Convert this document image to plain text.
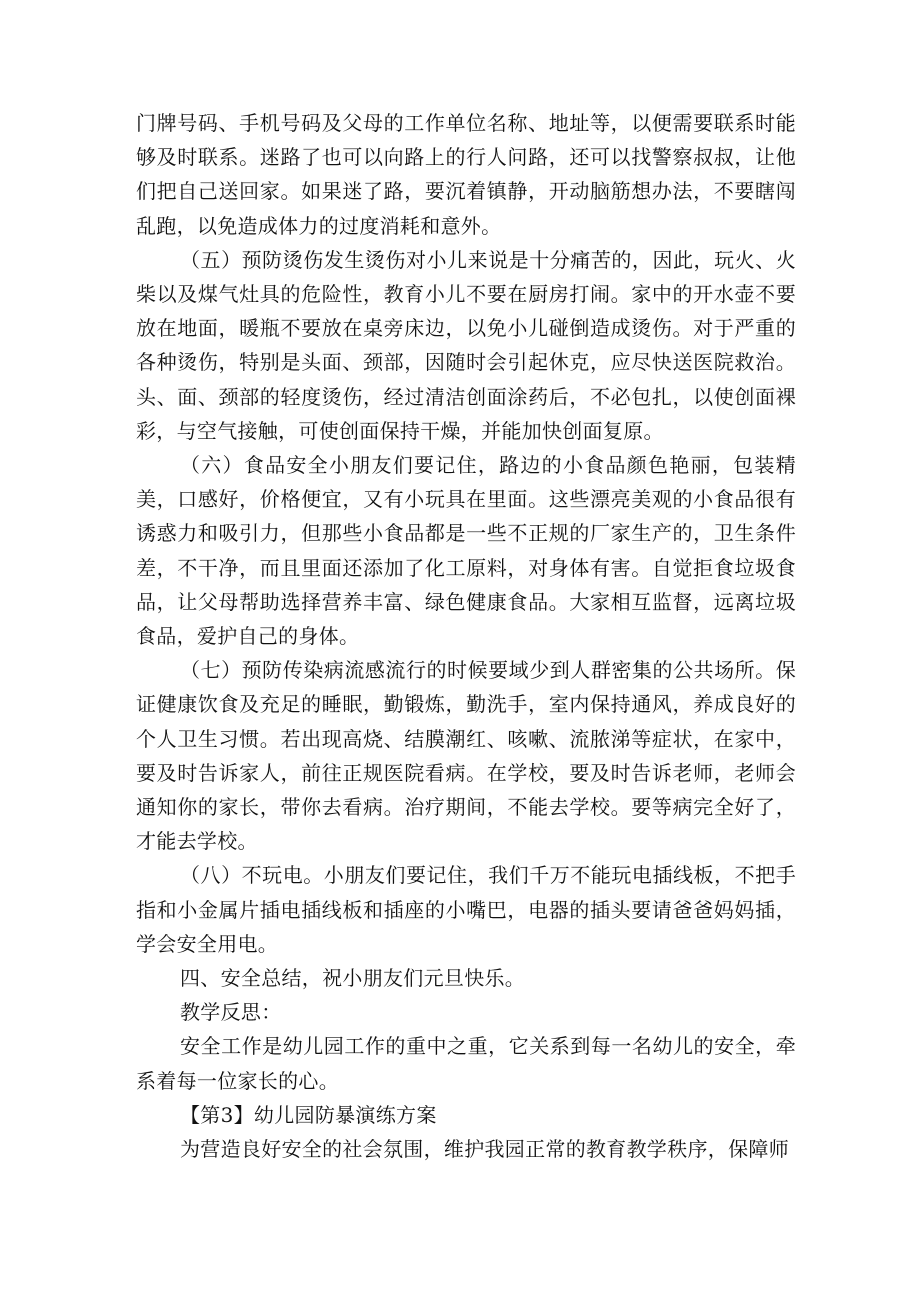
门牌号码、手机号码及父母的工作单位名称、地址等，以便需要联系时能够及时联系。迷路了也可以向路上的行人问路，还可以找警察叔叔，让他们把自己送回家。如果迷了路，要沉着镇静，开动脑筋想办法，不要瞎闯乱跑，以免造成体力的过度消耗和意外。

（五）预防烫伤发生烫伤对小儿来说是十分痛苦的，因此，玩火、火柴以及煤气灶具的危险性，教育小儿不要在厨房打闹。家中的开水壶不要放在地面，暖瓶不要放在桌旁床边，以免小儿碰倒造成烫伤。对于严重的各种烫伤，特别是头面、颈部，因随时会引起休克，应尽快送医院救治。头、面、颈部的轻度烫伤，经过清洁创面涂药后，不必包扎，以使创面裸彩，与空气接触，可使创面保持干燥，并能加快创面复原。

（六）食品安全小朋友们要记住，路边的小食品颜色艳丽，包装精美，口感好，价格便宜，又有小玩具在里面。这些漂亮美观的小食品很有诱惑力和吸引力，但那些小食品都是一些不正规的厂家生产的，卫生条件差，不干净，而且里面还添加了化工原料，对身体有害。自觉拒食垃圾食品，让父母帮助选择营养丰富、绿色健康食品。大家相互监督，远离垃圾食品，爱护自己的身体。

（七）预防传染病流感流行的时候要域少到人群密集的公共场所。保证健康饮食及充足的睡眠，勤锻炼，勤洗手，室内保持通风，养成良好的个人卫生习惯。若出现高烧、结膜潮红、咳嗽、流脓涕等症状，在家中，要及时告诉家人，前往正规医院看病。在学校，要及时告诉老师，老师会通知你的家长，带你去看病。治疗期间，不能去学校。要等病完全好了，才能去学校。

（八）不玩电。小朋友们要记住，我们千万不能玩电插线板，不把手指和小金属片插电插线板和插座的小嘴巴，电器的插头要请爸爸妈妈插，学会安全用电。

四、安全总结，祝小朋友们元旦快乐。

教学反思：

安全工作是幼儿园工作的重中之重，它关系到每一名幼儿的安全，牵系着每一位家长的心。

【第3】幼儿园防暴演练方案

为营造良好安全的社会氛围，维护我园正常的教育教学秩序，保障师
